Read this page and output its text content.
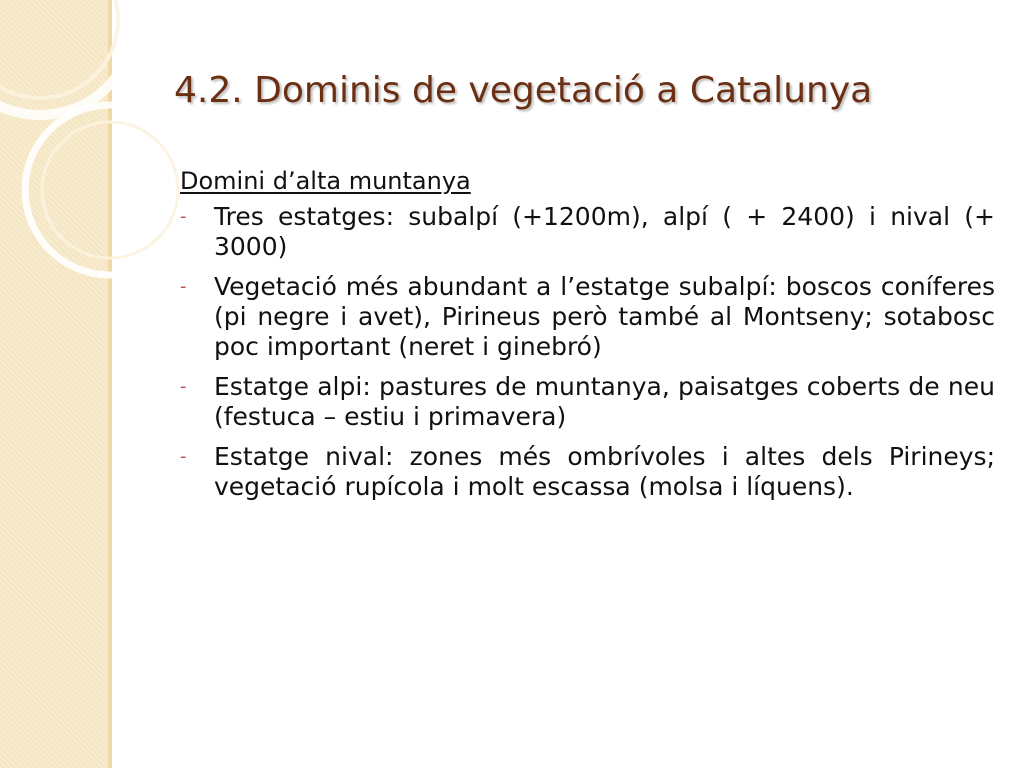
4.2. Dominis de vegetació a Catalunya
Domini d’alta muntanya
- Tres estatges: subalpí (+1200m), alpí ( + 2400) i nival (+ 3000)
- Vegetació més abundant a l’estatge subalpí: boscos coníferes (pi negre i avet), Pirineus però també al Montseny; sotabosc poc important (neret i ginebró)
- Estatge alpi: pastures de muntanya, paisatges coberts de neu (festuca – estiu i primavera)
- Estatge nival: zones més ombrívoles i altes dels Pirineys; vegetació rupícola i molt escassa (molsa i líquens).
